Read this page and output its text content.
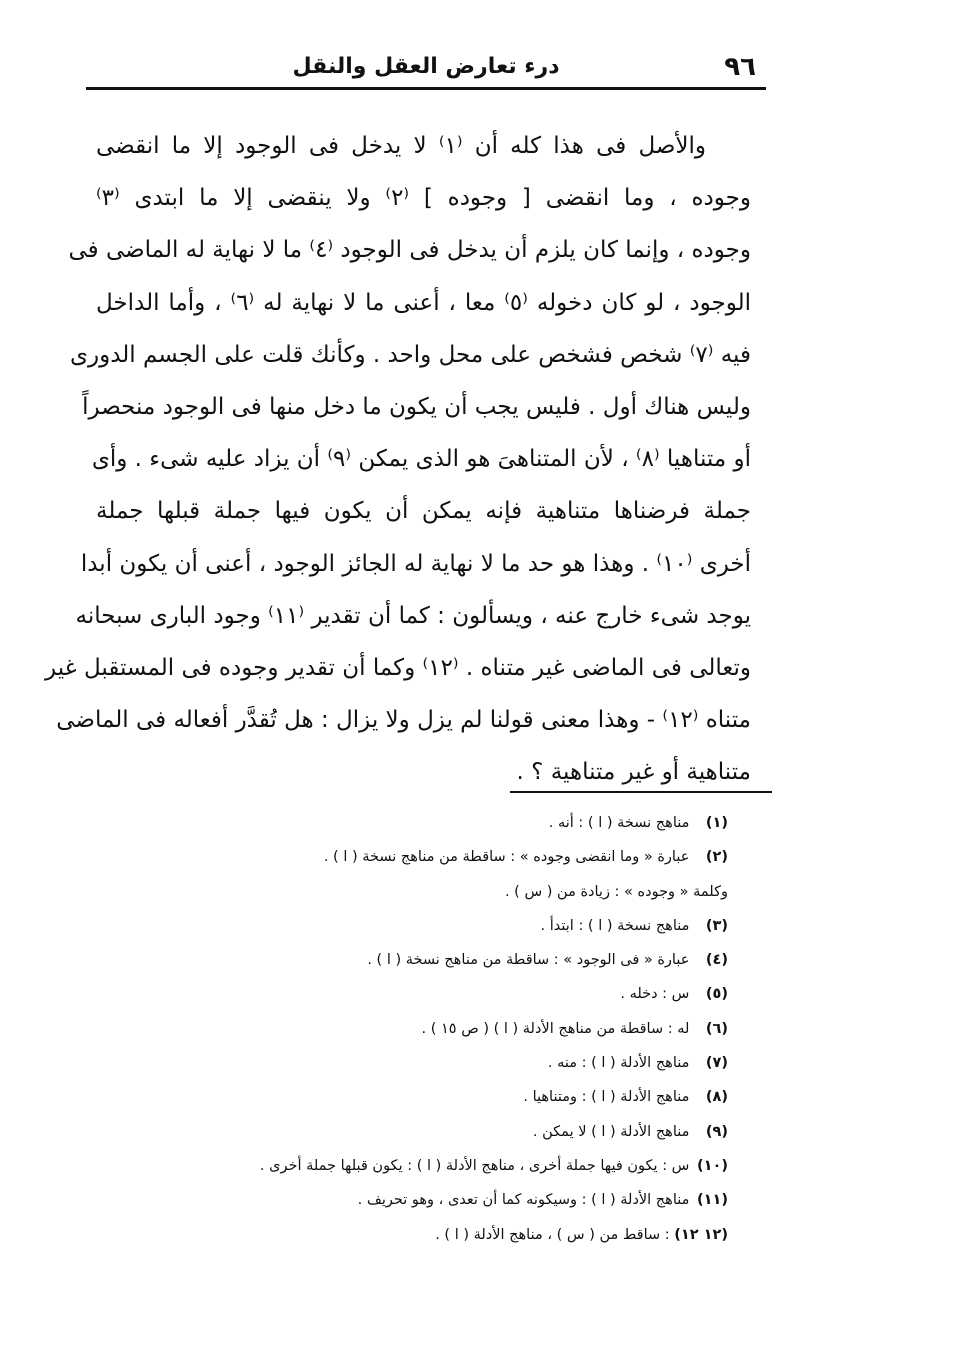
٩٦
درء تعارض العقل والنقل
والأصل فى هذا كله أن ⁽١⁾ لا يدخل فى الوجود إلا ما انقضى
وجوده ، وما انقضى [ وجوده ] ⁽٢⁾ ولا ينقضى إلا ما ابتدى ⁽٣⁾
وجوده ، وإنما كان يلزم أن يدخل فى الوجود ⁽٤⁾ ما لا نهاية له الماضى فى
الوجود ، لو كان دخوله ⁽٥⁾ معا ، أعنى ما لا نهاية له ⁽٦⁾ ، وأما الداخل
فيه ⁽٧⁾ شخص فشخص على محل واحد . وكأنك قلت على الجسم الدورى
وليس هناك أول . فليس يجب أن يكون ما دخل منها فى الوجود منحصراً
أو متناهيا ⁽٨⁾ ، لأن المتناهىَ هو الذى يمكن ⁽٩⁾ أن يزاد عليه شىء . وأى
جملة فرضناها متناهية فإنه يمكن أن يكون فيها جملة قبلها جملة
أخرى ⁽١٠⁾ . وهذا هو حد ما لا نهاية له الجائز الوجود ، أعنى أن يكون أبدا
يوجد شىء خارج عنه ، ويسألون : كما أن تقدير ⁽١١⁾ وجود البارى سبحانه
وتعالى فى الماضى غير متناه . ⁽١٢⁾ وكما أن تقدير وجوده فى المستقبل غير
متناه ⁽١٢⁾ - وهذا معنى قولنا لم يزل ولا يزال : هل تُقدَّر أفعاله فى الماضى
متناهية أو غير متناهية ؟ .
(١) مناهج نسخة ( ا ) : أنه .
(٢) عبارة « وما انقضى وجوده » : ساقطة من مناهج نسخة ( ا ) .
وكلمة « وجوده » : زيادة من ( س ) .
(٣) مناهج نسخة ( ا ) : ابتدأ .
(٤) عبارة « فى الوجود » : ساقطة من مناهج نسخة ( ا ) .
(٥) س : دخله .
(٦) له : ساقطة من مناهج الأدلة ( ا ) ( ص ١٥ ) .
(٧) مناهج الأدلة ( ا ) : منه .
(٨) مناهج الأدلة ( ا ) : ومتناهيا .
(٩) مناهج الأدلة ( ا ) لا يمكن .
(١٠) س : يكون فيها جملة أخرى ، مناهج الأدلة ( ا ) : يكون قبلها جملة أخرى .
(١١) مناهج الأدلة ( ا ) : وسيكونه كما أن تعدى ، وهو تحريف .
(١٢ ١٢) : ساقط من ( س ) ، مناهج الأدلة ( ا ) .
